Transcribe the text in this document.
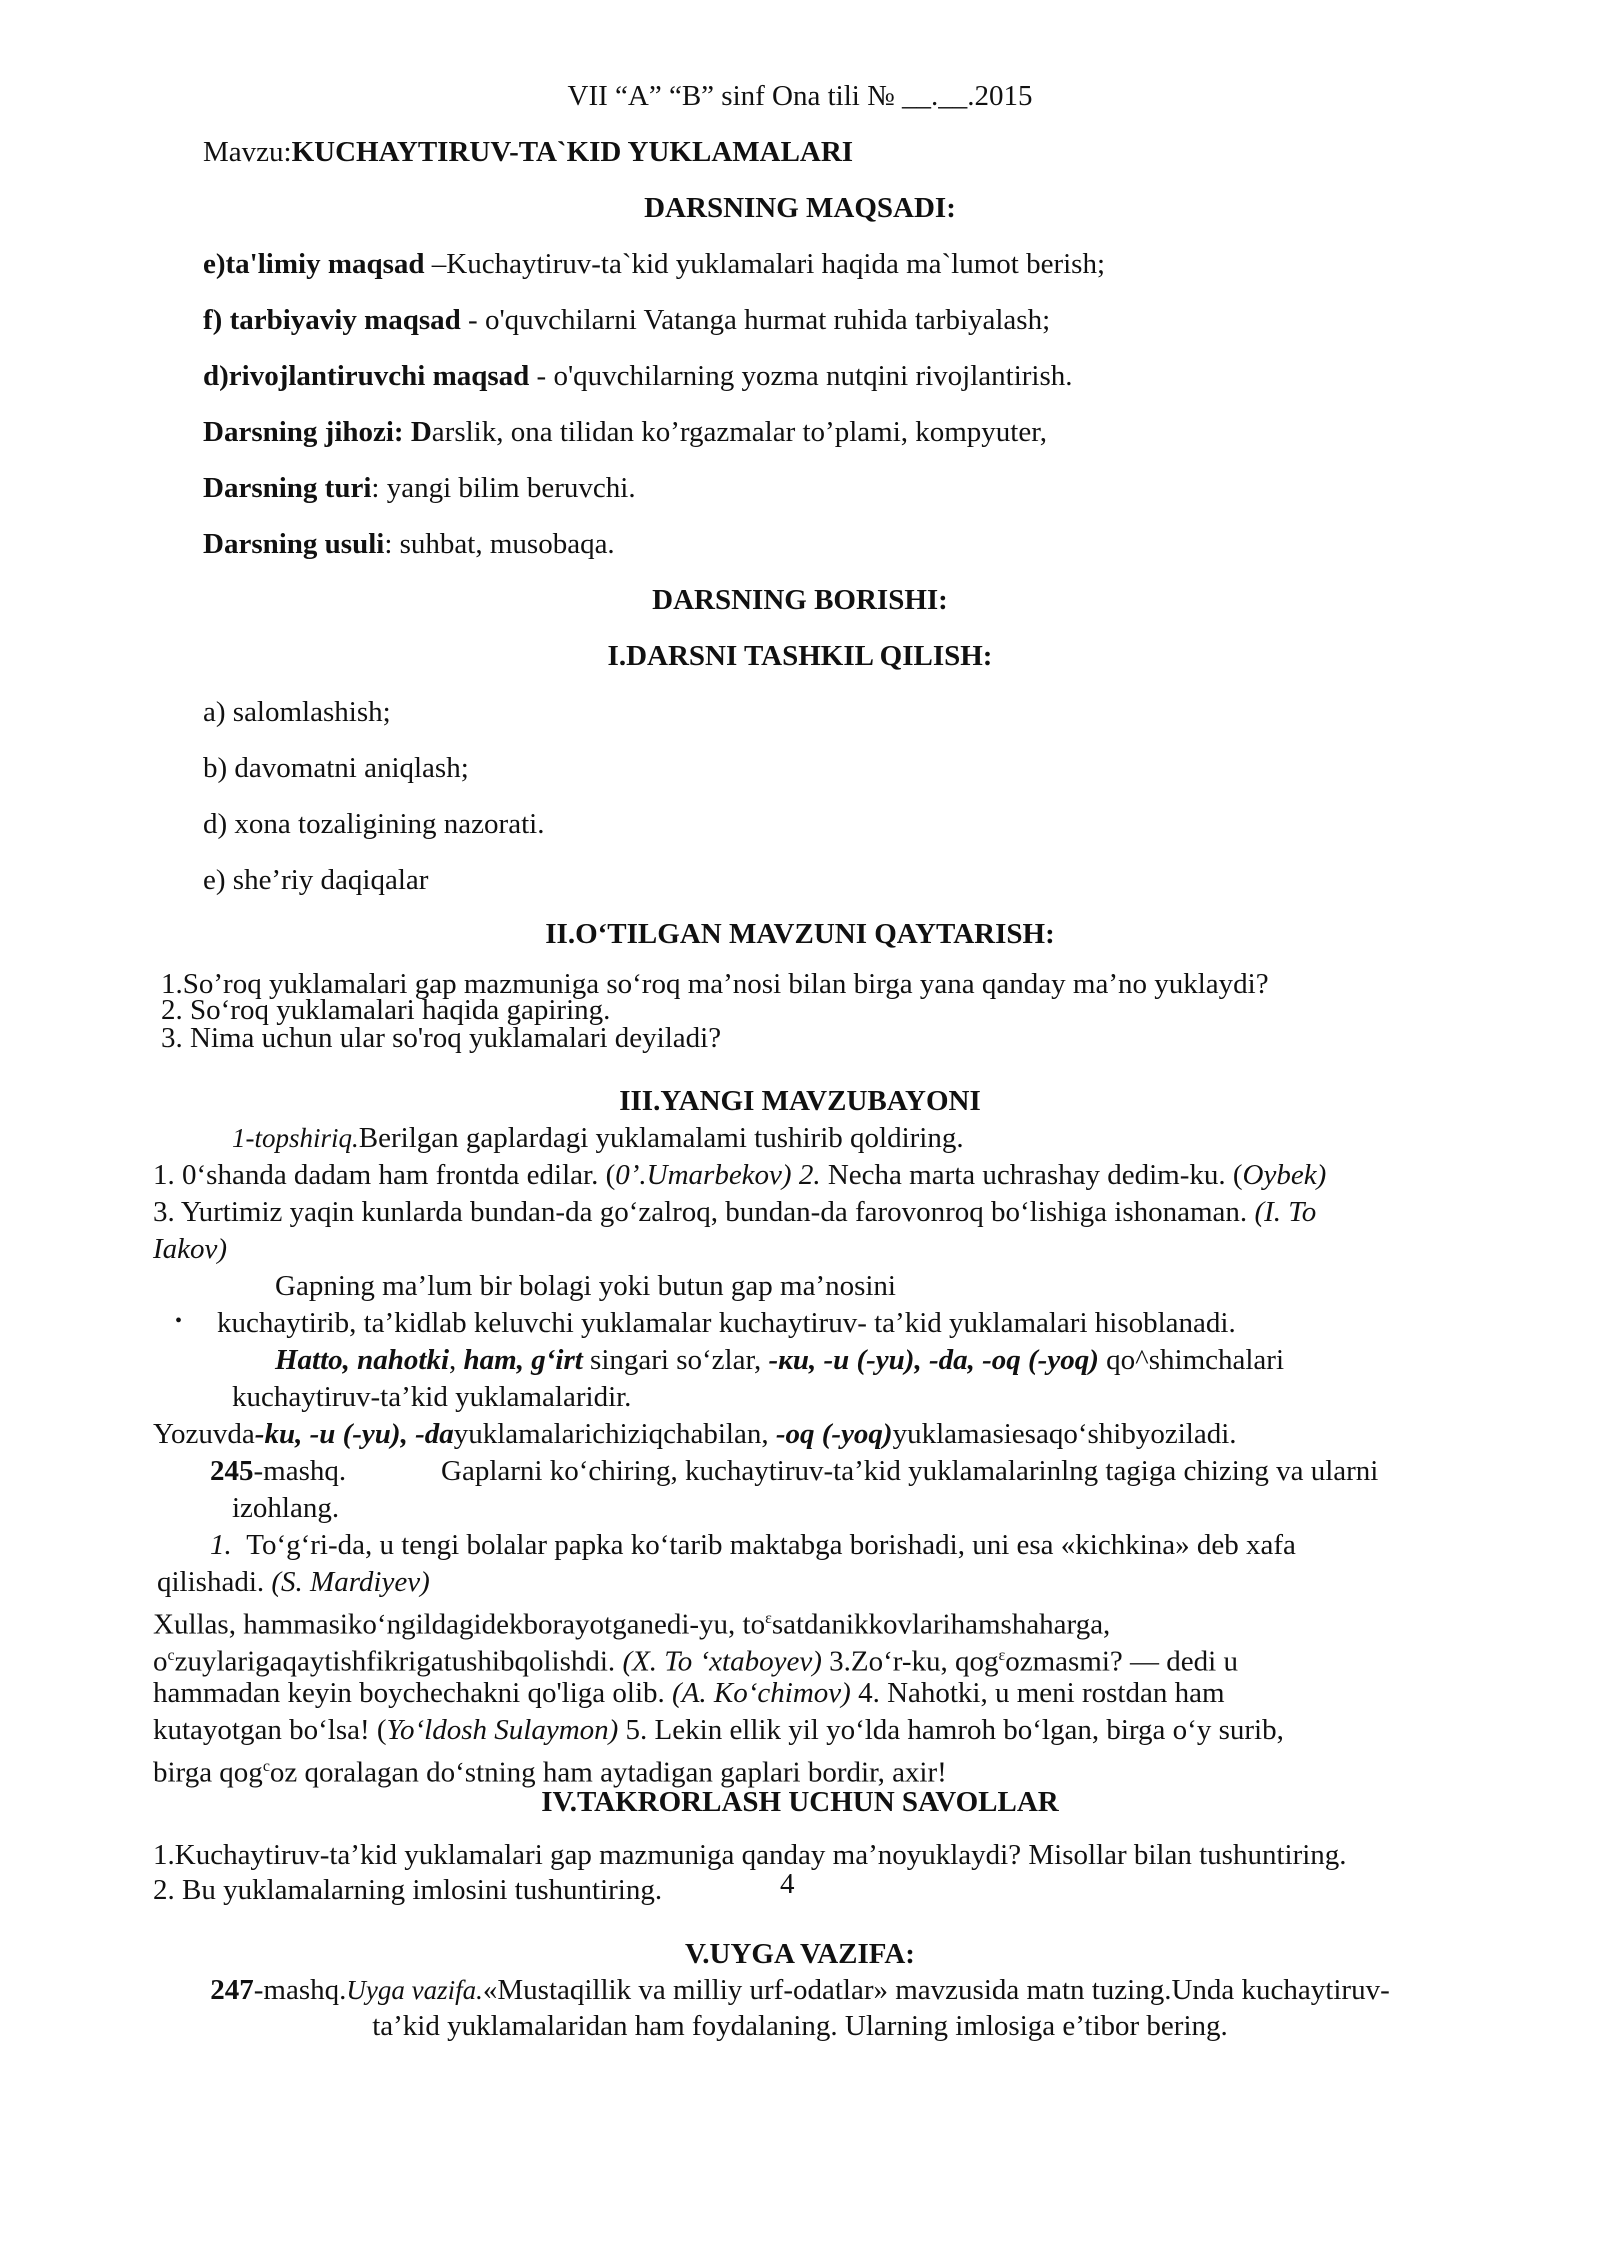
VII “A” “B” sinf Ona tili № __.__.2015
Mavzu:KUCHAYTIRUV-TA`KID YUKLAMALARI
DARSNING MAQSADI:
e)ta'limiy maqsad –Kuchaytiruv-ta`kid yuklamalari haqida ma`lumot berish;
f) tarbiyaviy maqsad - o'quvchilarni Vatanga hurmat ruhida tarbiyalash;
d)rivojlantiruvchi maqsad - o'quvchilarning yozma nutqini rivojlantirish.
Darsning jihozi: Darslik, ona tilidan ko’rgazmalar to’plami, kompyuter,
Darsning turi: yangi bilim beruvchi.
Darsning usuli: suhbat, musobaqa.
DARSNING BORISHI:
I.DARSNI TASHKIL QILISH:
a) salomlashish;
b) davomatni aniqlash;
d) xona tozaligining nazorati.
e) she’riy daqiqalar
II.O‘TILGAN MAVZUNI QAYTARISH:
1.So’roq yuklamalari gap mazmuniga so‘roq ma’nosi bilan birga yana qanday ma’no yuklaydi?
2. So‘roq yuklamalari haqida gapiring.
3. Nima uchun ular so'roq yuklamalari deyiladi?
III.YANGI MAVZUBAYONI
1-topshiriq.Berilgan gaplardagi yuklamalami tushirib qoldiring.
1. 0‘shanda dadam ham frontda edilar. (0’.Umarbekov) 2. Necha marta uchrashay dedim-ku. (Oybek)
3. Yurtimiz yaqin kunlarda bundan-da go‘zalroq, bundan-da farovonroq bo‘lishiga ishonaman. (I. To
Iakov)
Gapning ma’lum bir bolagi yoki butun gap ma’nosini
• kuchaytirib, ta’kidlab keluvchi yuklamalar kuchaytiruv- ta’kid yuklamalari hisoblanadi.
Hatto, nahotki, ham, g‘irt singari so‘zlar, -ки, -u (-yu), -da, -oq (-yoq) qo^shimchalari
kuchaytiruv-ta’kid yuklamalaridir.
Yozuvda-ku, -u (-yu), -dayuklamalarichiziqchabilan, -oq (-yoq)yuklamasiesaqo‘shibyoziladi.
245-mashq.	Gaplarni ko‘chiring, kuchaytiruv-ta’kid yuklamalarinlng tagiga chizing va ularni
izohlang.
1. To‘g‘ri-da, u tengi bolalar papka ko‘tarib maktabga borishadi, uni esa «kichkina» deb xafa
qilishadi. (S. Mardiyev)
Xullas, hammasiko‘ngildagidekborayotganedi-yu, $to^ɛsatdanikkovlarihamshaharga$,
$o^czuylarigaqaytishfikrigatushibqolishdi$. (X. To ‘xtaboyev) 3.Zo‘r-ku, qog$^ɛ$ozmasmi? — dedi u
hammadan keyin boychechakni qo'liga olib. (A. Ko‘chimov) 4. Nahotki, u meni rostdan ham
kutayotgan bo‘lsa! (Yo‘ldosh Sulaymon) 5. Lekin ellik yil yo‘lda hamroh bo‘lgan, birga o‘y surib,
birga qog$^c$oz qoralagan do‘stning ham aytadigan gaplari bordir, axir!
IV.TAKRORLASH UCHUN SAVOLLAR
1.Kuchaytiruv-ta’kid yuklamalari gap mazmuniga qanday ma’noyuklaydi? Misollar bilan tushuntiring.
2. Bu yuklamalarning imlosini tushuntiring.	4
V.UYGA VAZIFA:
247-mashq.Uyga vazifa.«Mustaqillik va milliy urf-odatlar» mavzusida matn tuzing.Unda kuchaytiruv-
ta’kid yuklamalaridan ham foydalaning. Ularning imlosiga e’tibor bering.
